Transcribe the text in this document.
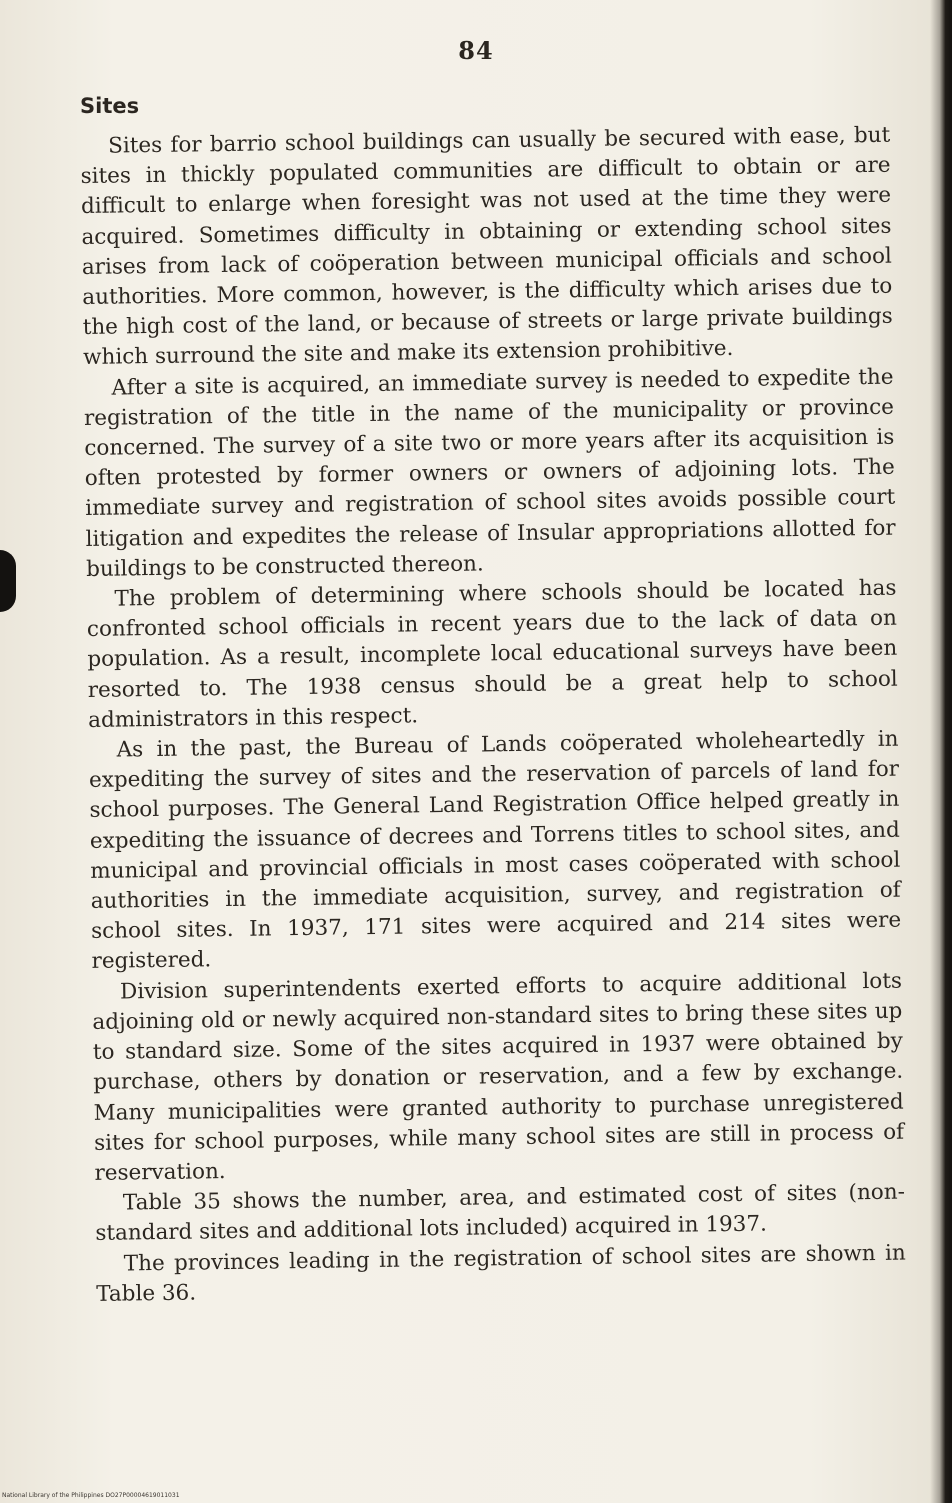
84
Sites

Sites for barrio school buildings can usually be secured with ease, but sites in thickly populated communities are difficult to obtain or are difficult to enlarge when foresight was not used at the time they were acquired. Sometimes difficulty in obtaining or extending school sites arises from lack of coöperation between municipal officials and school authorities. More common, however, is the difficulty which arises due to the high cost of the land, or because of streets or large private buildings which surround the site and make its extension prohibitive.

After a site is acquired, an immediate survey is needed to expedite the registration of the title in the name of the municipality or province concerned. The survey of a site two or more years after its acquisition is often protested by former owners or owners of adjoining lots. The immediate survey and registration of school sites avoids possible court litigation and expedites the release of Insular appropriations allotted for buildings to be constructed thereon.

The problem of determining where schools should be located has confronted school officials in recent years due to the lack of data on population. As a result, incomplete local educational surveys have been resorted to. The 1938 census should be a great help to school administrators in this respect.

As in the past, the Bureau of Lands coöperated wholeheartedly in expediting the survey of sites and the reservation of parcels of land for school purposes. The General Land Registration Office helped greatly in expediting the issuance of decrees and Torrens titles to school sites, and municipal and provincial officials in most cases coöperated with school authorities in the immediate acquisition, survey, and registration of school sites. In 1937, 171 sites were acquired and 214 sites were registered.

Division superintendents exerted efforts to acquire additional lots adjoining old or newly acquired non-standard sites to bring these sites up to standard size. Some of the sites acquired in 1937 were obtained by purchase, others by donation or reservation, and a few by exchange. Many municipalities were granted authority to purchase unregistered sites for school purposes, while many school sites are still in process of reservation.

Table 35 shows the number, area, and estimated cost of sites (non-standard sites and additional lots included) acquired in 1937.

The provinces leading in the registration of school sites are shown in Table 36.

National Library of the Philippines DO27P00004619011031
